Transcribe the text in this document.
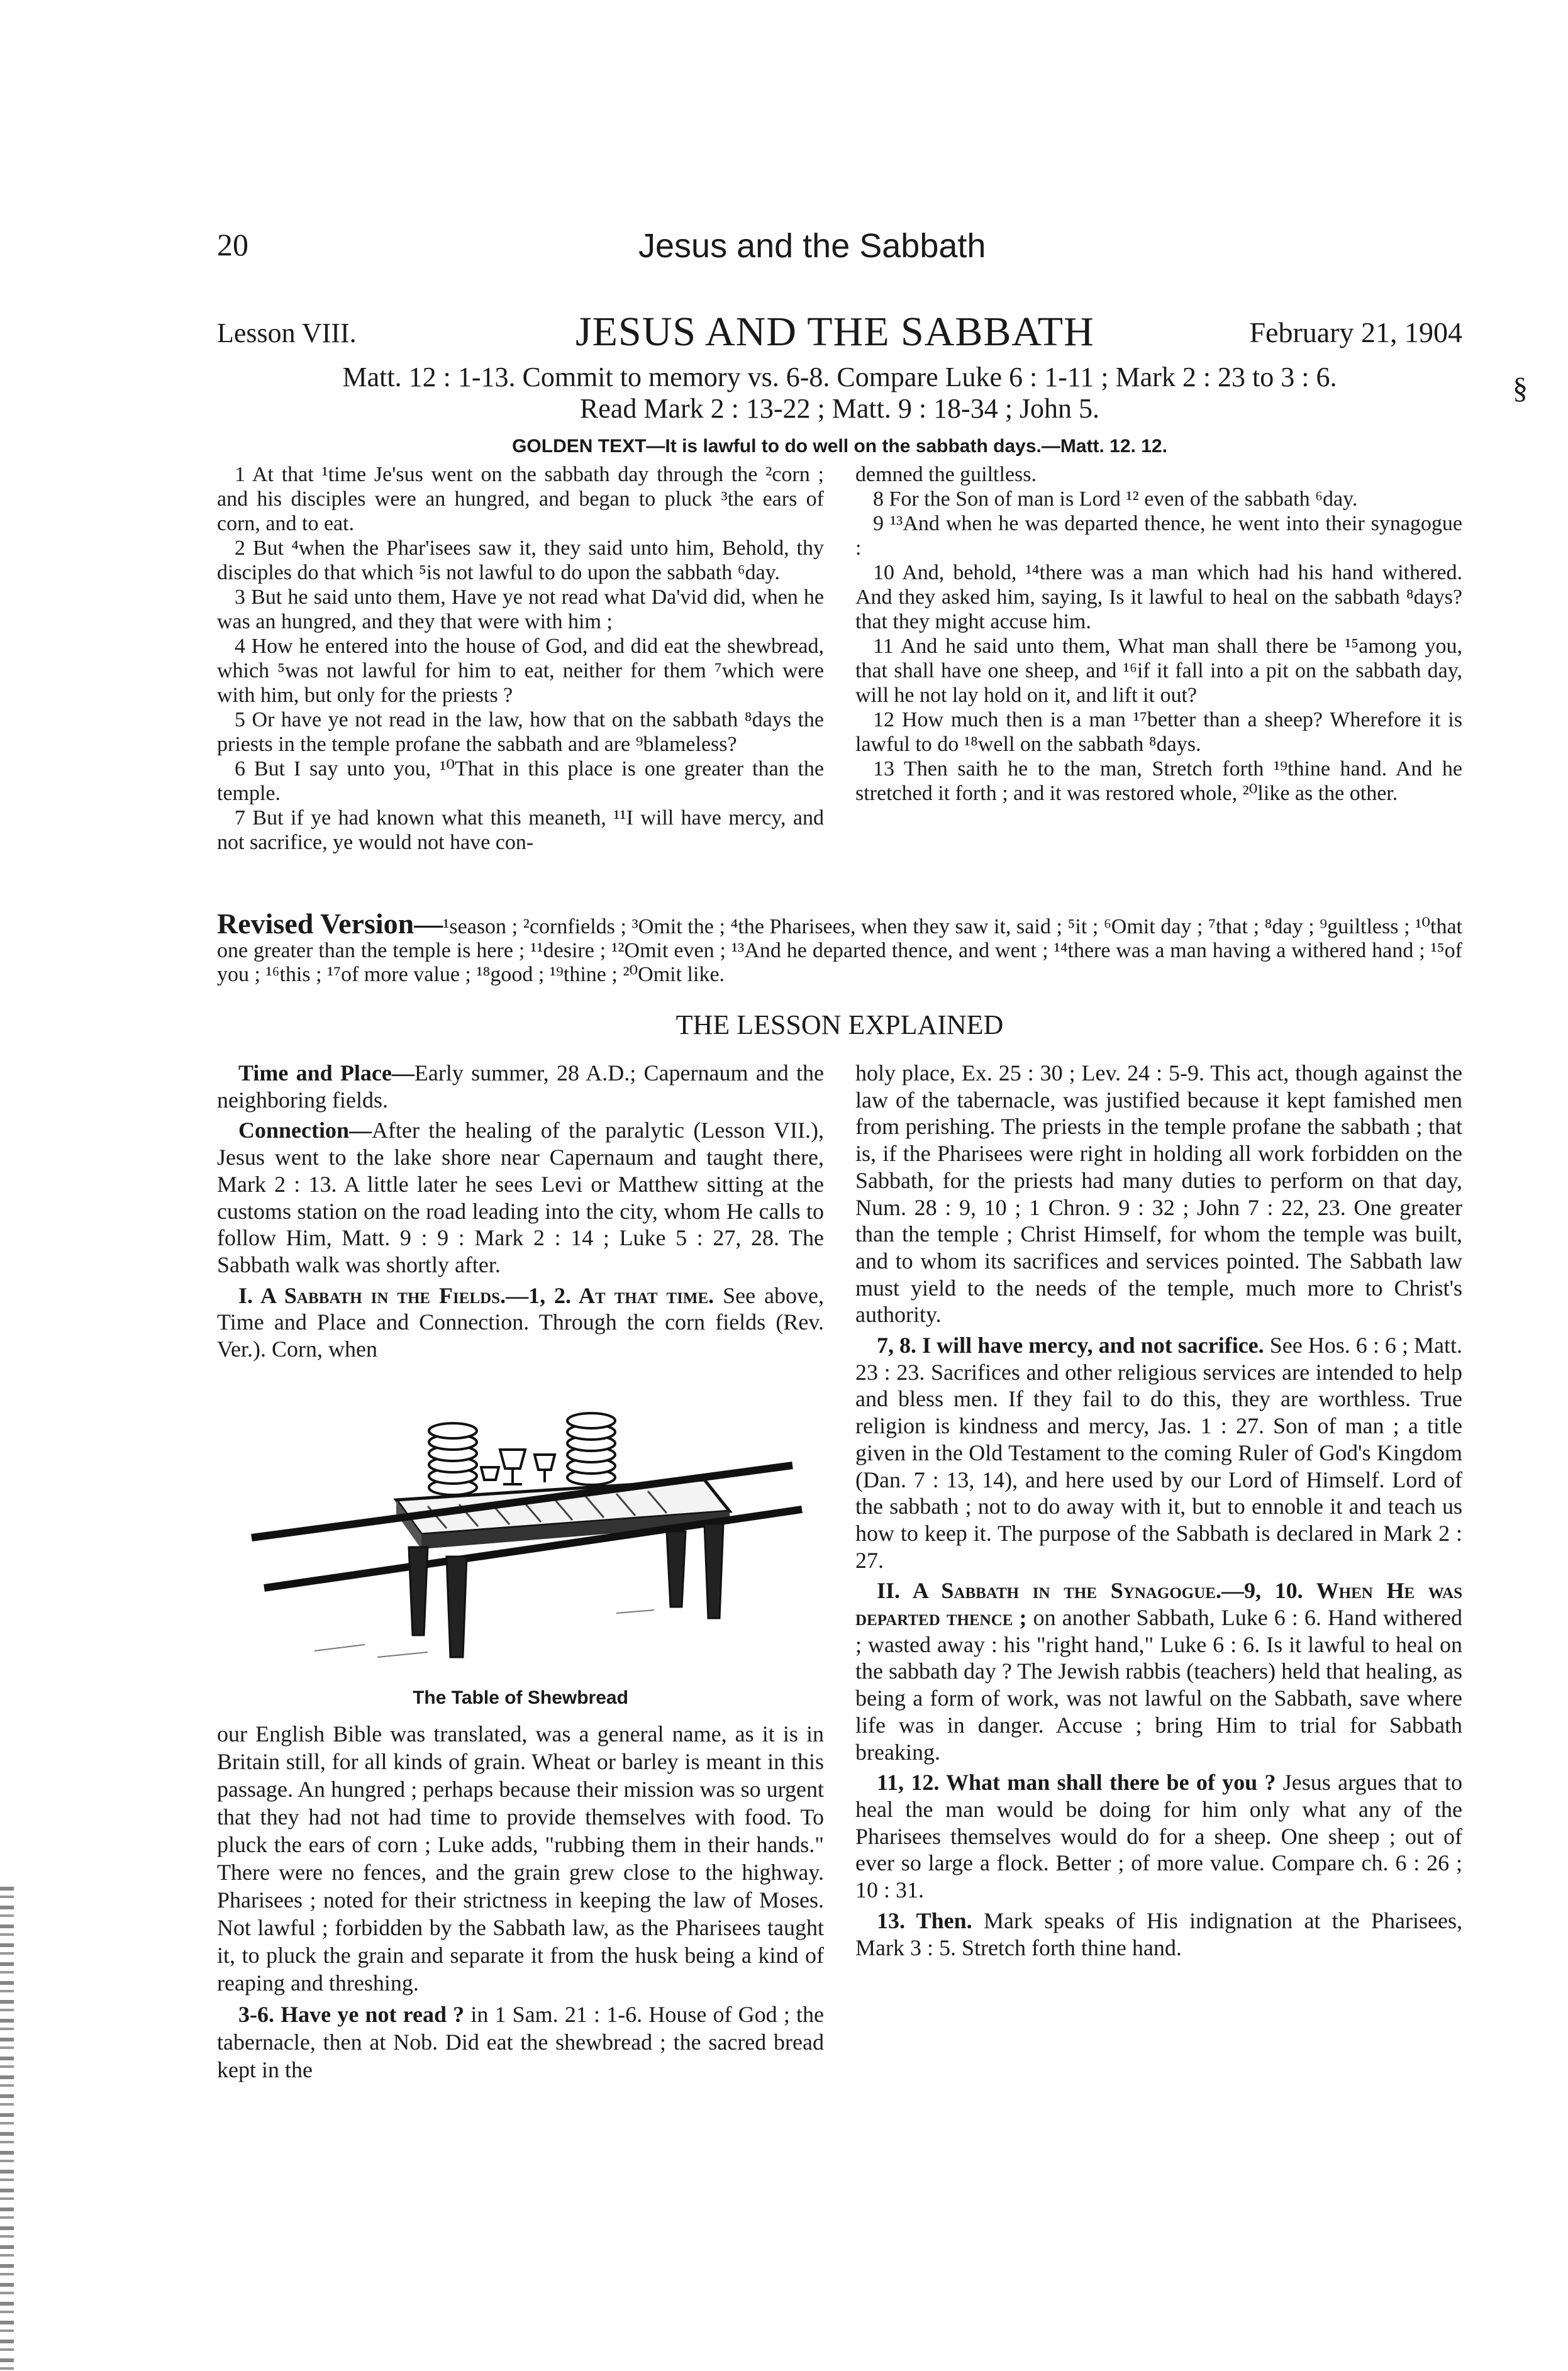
20	Jesus and the Sabbath
Lesson VIII.	JESUS AND THE SABBATH	February 21, 1904
Matt. 12 : 1-13. Commit to memory vs. 6-8. Compare Luke 6 : 1-11 ; Mark 2 : 23 to 3 : 6.
Read Mark 2 : 13-22 ; Matt. 9 : 18-34 ; John 5.
§
GOLDEN TEXT—It is lawful to do well on the sabbath days.—Matt. 12. 12.

1 At that ¹time Je'sus went on the sabbath day through the ²corn ; and his disciples were an hungred, and began to pluck ³the ears of corn, and to eat.

2 But ⁴when the Phar'isees saw it, they said unto him, Behold, thy disciples do that which ⁵is not lawful to do upon the sabbath ⁶day.

3 But he said unto them, Have ye not read what Da'vid did, when he was an hungred, and they that were with him ;

4 How he entered into the house of God, and did eat the shewbread, which ⁵was not lawful for him to eat, neither for them ⁷which were with him, but only for the priests ?

5 Or have ye not read in the law, how that on the sabbath ⁸days the priests in the temple profane the sabbath and are ⁹blameless?

6 But I say unto you, ¹⁰That in this place is one greater than the temple.

7 But if ye had known what this meaneth, ¹¹I will have mercy, and not sacrifice, ye would not have con-

demned the guiltless.

8 For the Son of man is Lord ¹² even of the sabbath ⁶day.

9 ¹³And when he was departed thence, he went into their synagogue :

10 And, behold, ¹⁴there was a man which had his hand withered. And they asked him, saying, Is it lawful to heal on the sabbath ⁸days? that they might accuse him.

11 And he said unto them, What man shall there be ¹⁵among you, that shall have one sheep, and ¹⁶if it fall into a pit on the sabbath day, will he not lay hold on it, and lift it out?

12 How much then is a man ¹⁷better than a sheep? Wherefore it is lawful to do ¹⁸well on the sabbath ⁸days.

13 Then saith he to the man, Stretch forth ¹⁹thine hand. And he stretched it forth ; and it was restored whole, ²⁰like as the other.

Revised Version—¹season ; ²cornfields ; ³Omit the ; ⁴the Pharisees, when they saw it, said ; ⁵it ; ⁶Omit day ; ⁷that ; ⁸day ; ⁹guiltless ; ¹⁰that one greater than the temple is here ; ¹¹desire ; ¹²Omit even ; ¹³And he departed thence, and went ; ¹⁴there was a man having a withered hand ; ¹⁵of you ; ¹⁶this ; ¹⁷of more value ; ¹⁸good ; ¹⁹thine ; ²⁰Omit like.
THE LESSON EXPLAINED

Time and Place—Early summer, 28 A.D.; Capernaum and the neighboring fields.

Connection—After the healing of the paralytic (Lesson VII.), Jesus went to the lake shore near Capernaum and taught there, Mark 2 : 13. A little later he sees Levi or Matthew sitting at the customs station on the road leading into the city, whom He calls to follow Him, Matt. 9 : 9 : Mark 2 : 14 ; Luke 5 : 27, 28. The Sabbath walk was shortly after.

I. A Sabbath in the Fields.—1, 2. At that time. See above, Time and Place and Connection. Through the corn fields (Rev. Ver.). Corn, when

The Table of Shewbread

our English Bible was translated, was a general name, as it is in Britain still, for all kinds of grain. Wheat or barley is meant in this passage. An hungred ; perhaps because their mission was so urgent that they had not had time to provide themselves with food. To pluck the ears of corn ; Luke adds, "rubbing them in their hands." There were no fences, and the grain grew close to the highway. Pharisees ; noted for their strictness in keeping the law of Moses. Not lawful ; forbidden by the Sabbath law, as the Pharisees taught it, to pluck the grain and separate it from the husk being a kind of reaping and threshing.

3-6. Have ye not read ? in 1 Sam. 21 : 1-6. House of God ; the tabernacle, then at Nob. Did eat the shewbread ; the sacred bread kept in the

holy place, Ex. 25 : 30 ; Lev. 24 : 5-9. This act, though against the law of the tabernacle, was justified because it kept famished men from perishing. The priests in the temple profane the sabbath ; that is, if the Pharisees were right in holding all work forbidden on the Sabbath, for the priests had many duties to perform on that day, Num. 28 : 9, 10 ; 1 Chron. 9 : 32 ; John 7 : 22, 23. One greater than the temple ; Christ Himself, for whom the temple was built, and to whom its sacrifices and services pointed. The Sabbath law must yield to the needs of the temple, much more to Christ's authority.

7, 8. I will have mercy, and not sacrifice. See Hos. 6 : 6 ; Matt. 23 : 23. Sacrifices and other religious services are intended to help and bless men. If they fail to do this, they are worthless. True religion is kindness and mercy, Jas. 1 : 27. Son of man ; a title given in the Old Testament to the coming Ruler of God's Kingdom (Dan. 7 : 13, 14), and here used by our Lord of Himself. Lord of the sabbath ; not to do away with it, but to ennoble it and teach us how to keep it. The purpose of the Sabbath is declared in Mark 2 : 27.

II. A Sabbath in the Synagogue.—9, 10. When He was departed thence ; on another Sabbath, Luke 6 : 6. Hand withered ; wasted away : his "right hand," Luke 6 : 6. Is it lawful to heal on the sabbath day ? The Jewish rabbis (teachers) held that healing, as being a form of work, was not lawful on the Sabbath, save where life was in danger. Accuse ; bring Him to trial for Sabbath breaking.

11, 12. What man shall there be of you ? Jesus argues that to heal the man would be doing for him only what any of the Pharisees themselves would do for a sheep. One sheep ; out of ever so large a flock. Better ; of more value. Compare ch. 6 : 26 ; 10 : 31.

13. Then. Mark speaks of His indignation at the Pharisees, Mark 3 : 5. Stretch forth thine hand.
